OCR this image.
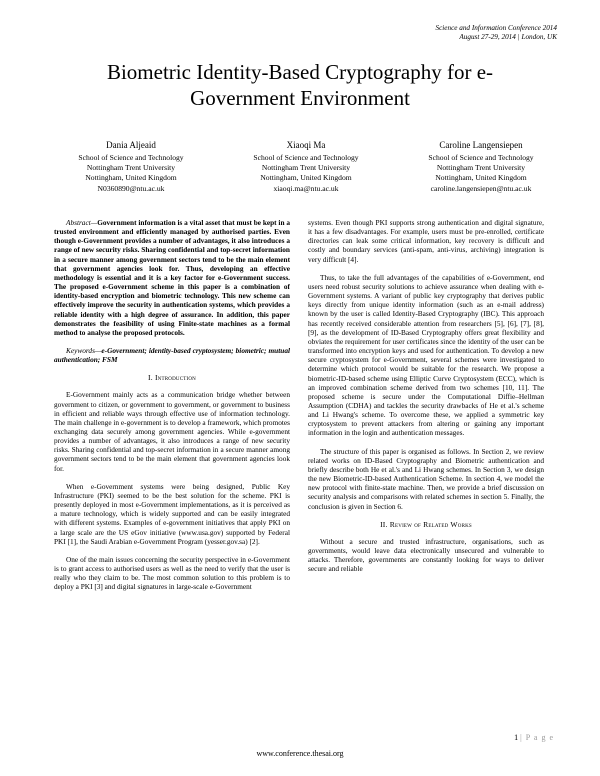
Science and Information Conference 2014
August 27-29, 2014 | London, UK
Biometric Identity-Based Cryptography for e-Government Environment
Dania Aljeaid
School of Science and Technology
Nottingham Trent University
Nottingham, United Kingdom
N0360890@ntu.ac.uk
Xiaoqi Ma
School of Science and Technology
Nottingham Trent University
Nottingham, United Kingdom
xiaoqi.ma@ntu.ac.uk
Caroline Langensiepen
School of Science and Technology
Nottingham Trent University
Nottingham, United Kingdom
caroline.langensiepen@ntu.ac.uk

Abstract—Government information is a vital asset that must be kept in a trusted environment and efficiently managed by authorised parties. Even though e-Government provides a number of advantages, it also introduces a range of new security risks. Sharing confidential and top-secret information in a secure manner among government sectors tend to be the main element that government agencies look for. Thus, developing an effective methodology is essential and it is a key factor for e-Government success. The proposed e-Government scheme in this paper is a combination of identity-based encryption and biometric technology. This new scheme can effectively improve the security in authentication systems, which provides a reliable identity with a high degree of assurance. In addition, this paper demonstrates the feasibility of using Finite-state machines as a formal method to analyse the proposed protocols.

Keywords—e-Government; identity-based cryptosystem; biometric; mutual authentication; FSM

I. Introduction

E-Government mainly acts as a communication bridge whether between government to citizen, or government to government, or government to business in efficient and reliable ways through effective use of information technology. The main challenge in e-government is to develop a framework, which promotes exchanging data securely among government agencies. While e-government provides a number of advantages, it also introduces a range of new security risks. Sharing confidential and top-secret information in a secure manner among government sectors tend to be the main element that government agencies look for.

When e-Government systems were being designed, Public Key Infrastructure (PKI) seemed to be the best solution for the scheme. PKI is presently deployed in most e-Government implementations, as it is perceived as a mature technology, which is widely supported and can be easily integrated with different systems. Examples of e-government initiatives that apply PKI on a large scale are the US eGov initiative (www.usa.gov) supported by Federal PKI [1], the Saudi Arabian e-Government Program (yesser.gov.sa) [2].

One of the main issues concerning the security perspective in e-Government is to grant access to authorised users as well as the need to verify that the user is really who they claim to be. The most common solution to this problem is to deploy a PKI [3] and digital signatures in large-scale e-Government

systems. Even though PKI supports strong authentication and digital signature, it has a few disadvantages. For example, users must be pre-enrolled, certificate directories can leak some critical information, key recovery is difficult and costly and boundary services (anti-spam, anti-virus, archiving) integration is very difficult [4].

Thus, to take the full advantages of the capabilities of e-Government, end users need robust security solutions to achieve assurance when dealing with e-Government systems. A variant of public key cryptography that derives public keys directly from unique identity information (such as an e-mail address) known by the user is called Identity-Based Cryptography (IBC). This approach has recently received considerable attention from researchers [5], [6], [7], [8], [9], as the development of ID-Based Cryptography offers great flexibility and obviates the requirement for user certificates since the identity of the user can be transformed into encryption keys and used for authentication. To develop a new secure cryptosystem for e-Government, several schemes were investigated to determine which protocol would be suitable for the research. We propose a biometric-ID-based scheme using Elliptic Curve Cryptosystem (ECC), which is an improved combination scheme derived from two schemes [10, 11]. The proposed scheme is secure under the Computational Diffie–Hellman Assumption (CDHA) and tackles the security drawbacks of He et al.'s scheme and Li Hwang's scheme. To overcome these, we applied a symmetric key cryptosystem to prevent attackers from altering or gaining any important information in the login and authentication messages.

The structure of this paper is organised as follows. In Section 2, we review related works on ID-Based Cryptography and Biometric authentication and briefly describe both He et al.'s and Li Hwang schemes. In Section 3, we design the new Biometric-ID-based Authentication Scheme. In section 4, we model the new protocol with finite-state machine. Then, we provide a brief discussion on security analysis and comparisons with related schemes in section 5. Finally, the conclusion is given in Section 6.

II. Review of Related Works

Without a secure and trusted infrastructure, organisations, such as governments, would leave data electronically unsecured and vulnerable to attacks. Therefore, governments are constantly looking for ways to deliver secure and reliable

1 | P a g e
www.conference.thesai.org
